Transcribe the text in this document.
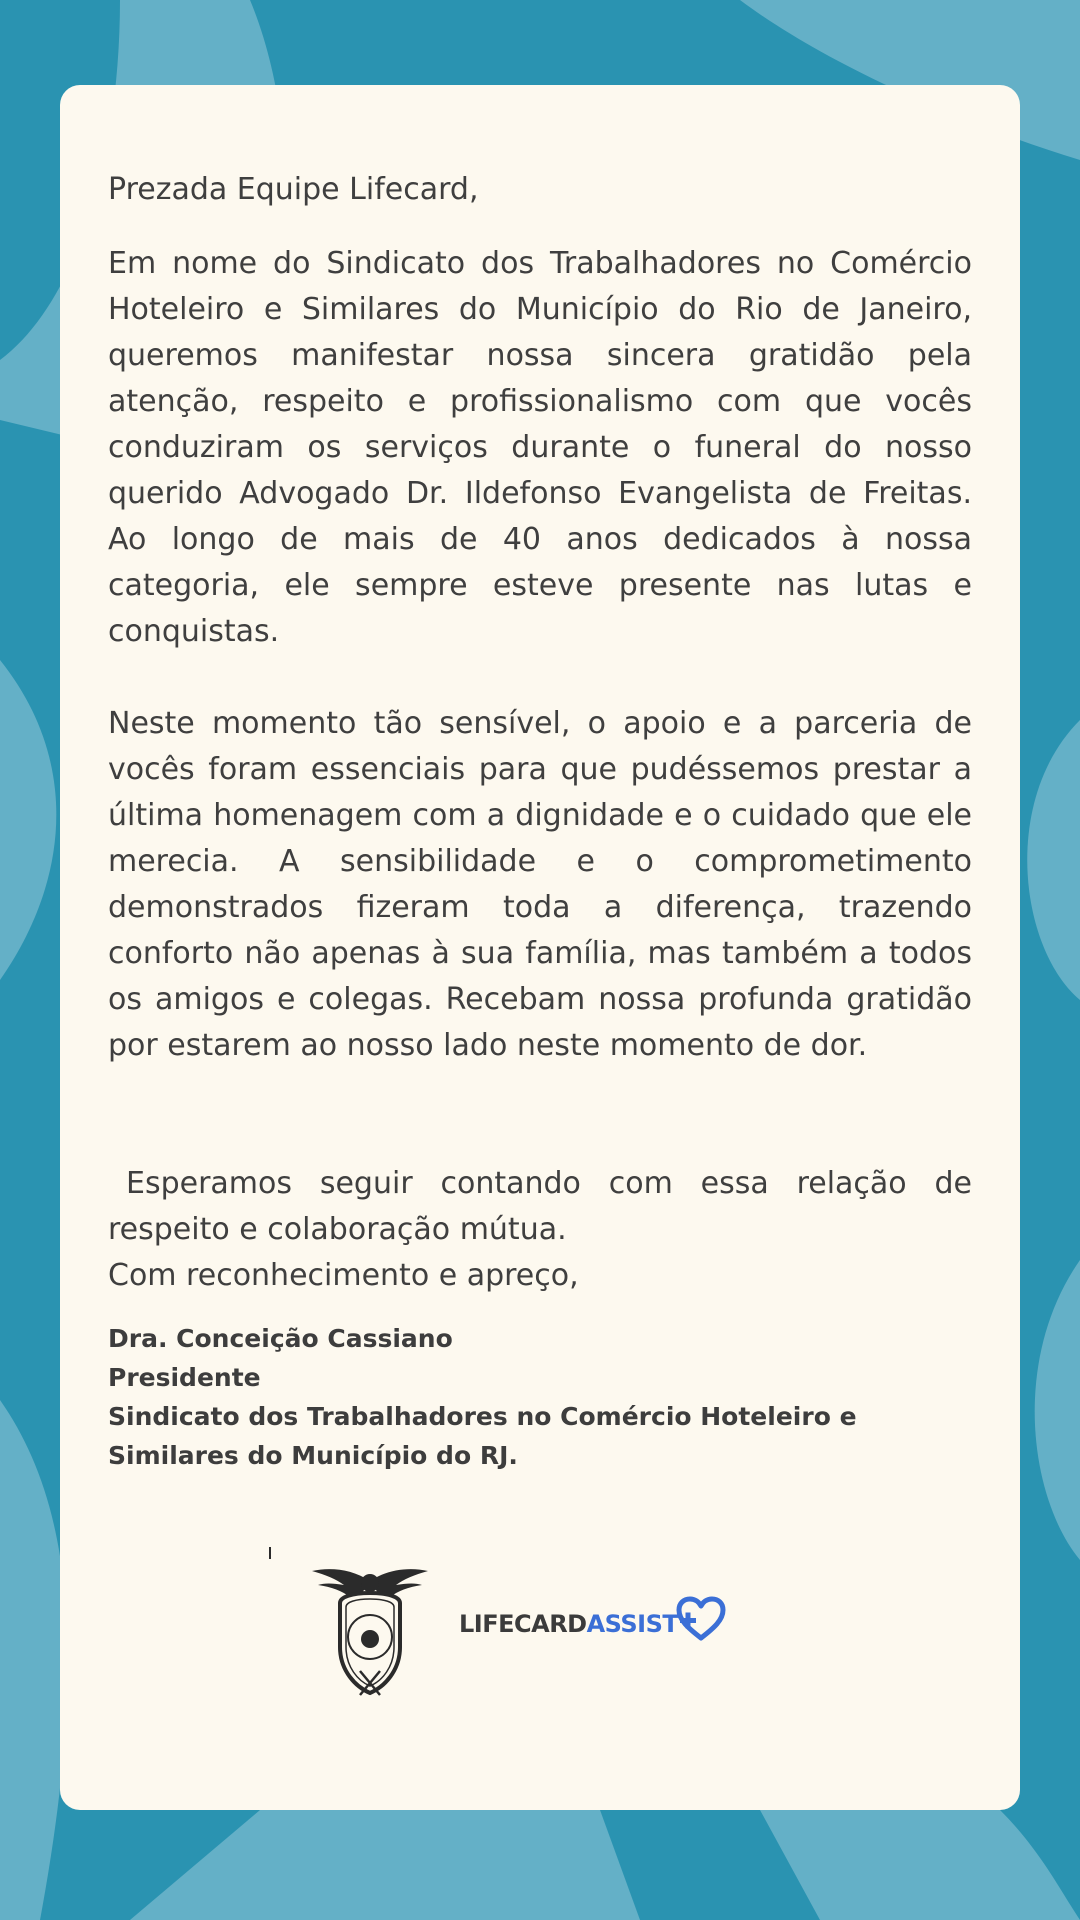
Prezada Equipe Lifecard,
Em nome do Sindicato dos Trabalhadores no Comércio Hoteleiro e Similares do Município do Rio de Janeiro, queremos manifestar nossa sincera gratidão pela atenção, respeito e profissionalismo com que vocês conduziram os serviços durante o funeral do nosso querido Advogado Dr. Ildefonso Evangelista de Freitas. Ao longo de mais de 40 anos dedicados à nossa categoria, ele sempre esteve presente nas lutas e conquistas.
Neste momento tão sensível, o apoio e a parceria de vocês foram essenciais para que pudéssemos prestar a última homenagem com a dignidade e o cuidado que ele merecia. A sensibilidade e o comprometimento demonstrados fizeram toda a diferença, trazendo conforto não apenas à sua família, mas também a todos os amigos e colegas. Recebam nossa profunda gratidão por estarem ao nosso lado neste momento de dor.
Esperamos seguir contando com essa relação de respeito e colaboração mútua.
Com reconhecimento e apreço,
Dra. Conceição Cassiano
Presidente
Sindicato dos Trabalhadores no Comércio Hoteleiro e
Similares do Município do RJ.
LIFECARD ASSIST
